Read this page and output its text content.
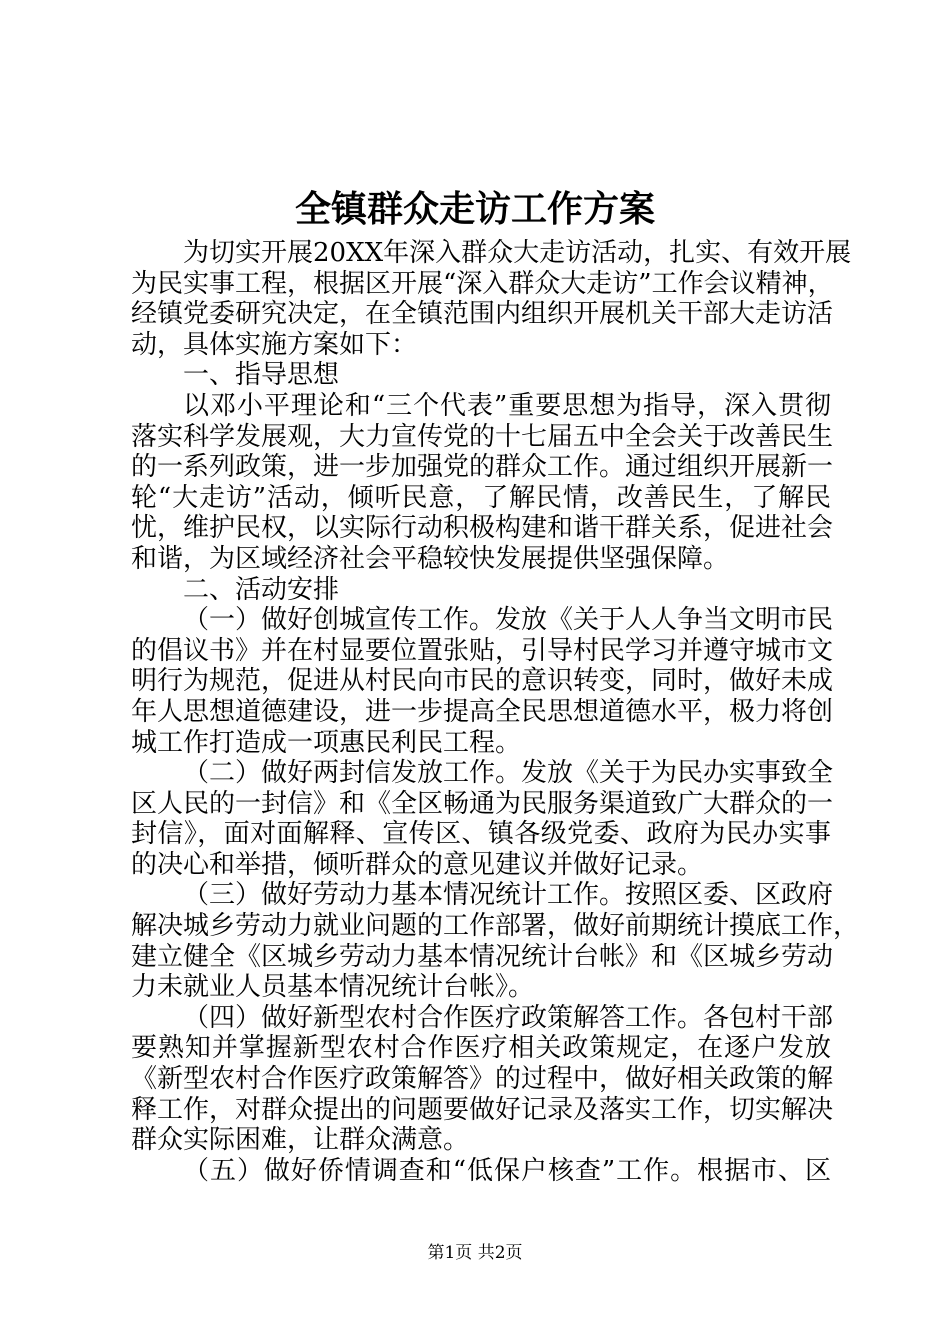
全镇群众走访工作方案
为切实开展20XX年深入群众大走访活动，扎实、有效开展
为民实事工程，根据区开展“深入群众大走访”工作会议精神，
经镇党委研究决定，在全镇范围内组织开展机关干部大走访活
动，具体实施方案如下：
一、指导思想
以邓小平理论和“三个代表”重要思想为指导，深入贯彻
落实科学发展观，大力宣传党的十七届五中全会关于改善民生
的一系列政策，进一步加强党的群众工作。通过组织开展新一
轮“大走访”活动，倾听民意，了解民情，改善民生，了解民
忧，维护民权，以实际行动积极构建和谐干群关系，促进社会
和谐，为区域经济社会平稳较快发展提供坚强保障。
二、活动安排
（一）做好创城宣传工作。发放《关于人人争当文明市民
的倡议书》并在村显要位置张贴，引导村民学习并遵守城市文
明行为规范，促进从村民向市民的意识转变，同时，做好未成
年人思想道德建设，进一步提高全民思想道德水平，极力将创
城工作打造成一项惠民利民工程。
（二）做好两封信发放工作。发放《关于为民办实事致全
区人民的一封信》和《全区畅通为民服务渠道致广大群众的一
封信》，面对面解释、宣传区、镇各级党委、政府为民办实事
的决心和举措，倾听群众的意见建议并做好记录。
（三）做好劳动力基本情况统计工作。按照区委、区政府
解决城乡劳动力就业问题的工作部署，做好前期统计摸底工作，
建立健全《区城乡劳动力基本情况统计台帐》和《区城乡劳动
力未就业人员基本情况统计台帐》。
（四）做好新型农村合作医疗政策解答工作。各包村干部
要熟知并掌握新型农村合作医疗相关政策规定，在逐户发放
《新型农村合作医疗政策解答》的过程中，做好相关政策的解
释工作，对群众提出的问题要做好记录及落实工作，切实解决
群众实际困难，让群众满意。
（五）做好侨情调查和“低保户核查”工作。根据市、区
第1页 共2页
